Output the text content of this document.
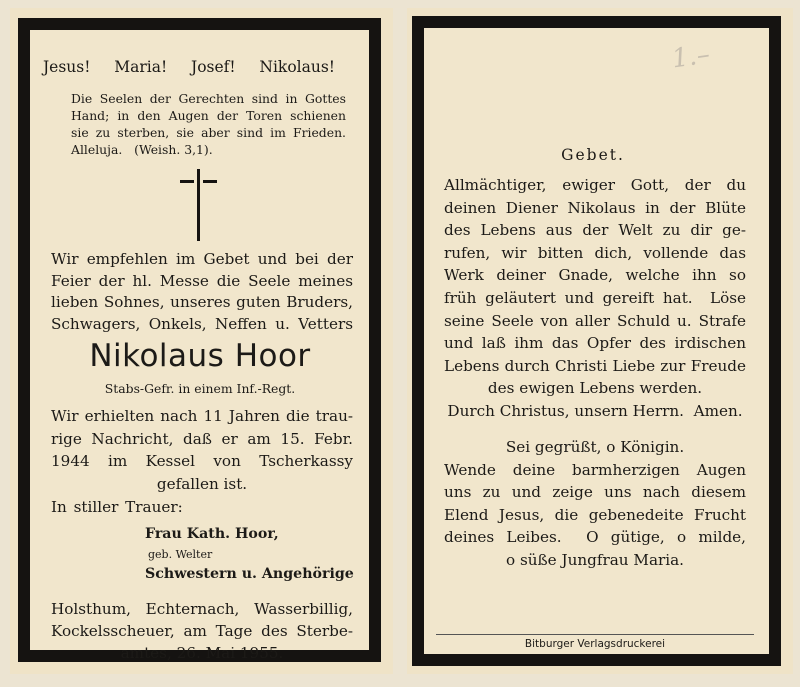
Jesus!   Maria!   Josef!   Nikolaus!
Die Seelen der Gerechten sind in Gottes
Hand; in den Augen der Toren schienen
sie zu sterben, sie aber sind im Frieden.
Alleluja.   (Weish. 3,1).
Wir empfehlen im Gebet und bei der
Feier der hl. Messe die Seele meines
lieben Sohnes, unseres guten Bruders,
Schwagers, Onkels, Neffen u. Vetters
Nikolaus Hoor
Stabs-Gefr. in einem Inf.-Regt.
Wir erhielten nach 11 Jahren die trau-
rige Nachricht, daß er am 15. Febr.
1944   im   Kessel   von   Tscherkassy
gefallen ist.
In stiller Trauer:
Frau Kath. Hoor,
geb. Welter
Schwestern u. Angehörige
Holsthum, Echternach, Wasserbillig,
Kockelsscheuer, am Tage des Sterbe-
amtes, 26. Mai 1955.
1.–
Gebet.
Allmächtiger, ewiger Gott, der du
deinen Diener Nikolaus in der Blüte
des Lebens aus der Welt zu dir ge-
rufen, wir bitten dich, vollende das
Werk deiner Gnade, welche ihn so
früh geläutert und gereift hat.  Löse
seine Seele von aller Schuld u. Strafe
und laß ihm das Opfer des irdischen
Lebens durch Christi Liebe zur Freude
des ewigen Lebens werden.
Durch Christus, unsern Herrn.  Amen.
Sei gegrüßt, o Königin.
Wende deine barmherzigen Augen
uns zu und zeige uns nach diesem
Elend Jesus, die gebenedeite Frucht
deines Leibes.  O gütige, o milde,
o süße Jungfrau Maria.
Bitburger Verlagsdruckerei
